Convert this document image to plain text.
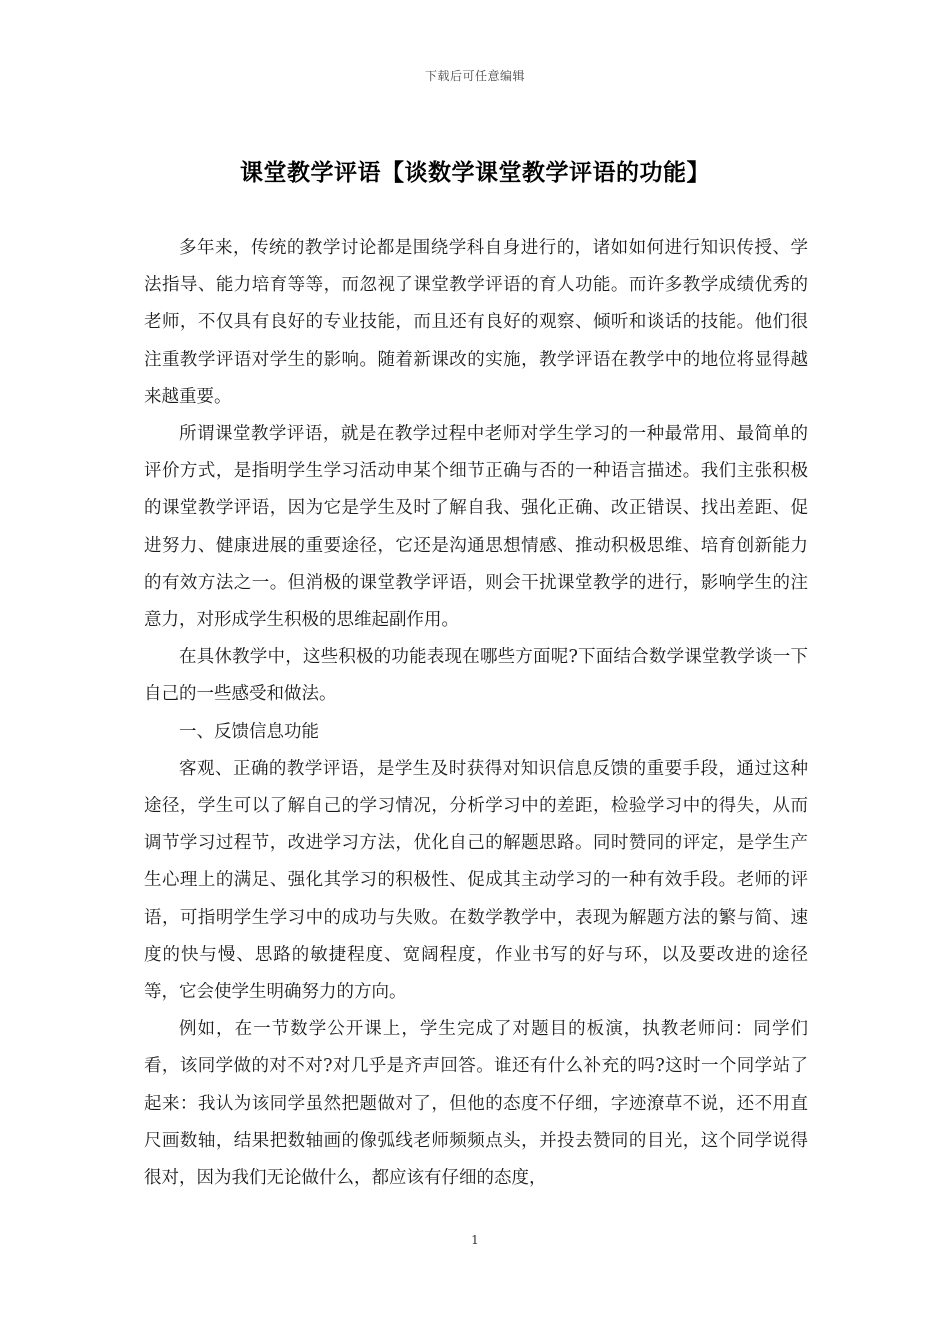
下载后可任意编辑
课堂教学评语【谈数学课堂教学评语的功能】

多年来，传统的教学讨论都是围绕学科自身进行的，诸如如何进行知识传授、学法指导、能力培育等等，而忽视了课堂教学评语的育人功能。而许多教学成绩优秀的老师，不仅具有良好的专业技能，而且还有良好的观察、倾听和谈话的技能。他们很注重教学评语对学生的影响。随着新课改的实施，教学评语在教学中的地位将显得越来越重要。

所谓课堂教学评语，就是在教学过程中老师对学生学习的一种最常用、最简单的评价方式，是指明学生学习活动申某个细节正确与否的一种语言描述。我们主张积极的课堂教学评语，因为它是学生及时了解自我、强化正确、改正错误、找出差距、促进努力、健康进展的重要途径，它还是沟通思想情感、推动积极思维、培育创新能力的有效方法之一。但消极的课堂教学评语，则会干扰课堂教学的进行，影响学生的注意力，对形成学生积极的思维起副作用。

在具休教学中，这些积极的功能表现在哪些方面呢?下面结合数学课堂教学谈一下自己的一些感受和做法。

一、反馈信息功能

客观、正确的教学评语，是学生及时获得对知识信息反馈的重要手段，通过这种途径，学生可以了解自己的学习情况，分析学习中的差距，检验学习中的得失，从而调节学习过程节，改进学习方法，优化自己的解题思路。同时赞同的评定，是学生产生心理上的满足、强化其学习的积极性、促成其主动学习的一种有效手段。老师的评语，可指明学生学习中的成功与失败。在数学教学中，表现为解题方法的繁与简、速度的快与慢、思路的敏捷程度、宽阔程度，作业书写的好与环，以及要改进的途径等，它会使学生明确努力的方向。

例如，在一节数学公开课上，学生完成了对题目的板演，执教老师问：同学们看，该同学做的对不对?对几乎是齐声回答。谁还有什么补充的吗?这时一个同学站了起来：我认为该同学虽然把题做对了，但他的态度不仔细，字迹潦草不说，还不用直尺画数轴，结果把数轴画的像弧线老师频频点头，并投去赞同的目光，这个同学说得很对，因为我们无论做什么，都应该有仔细的态度，

1
